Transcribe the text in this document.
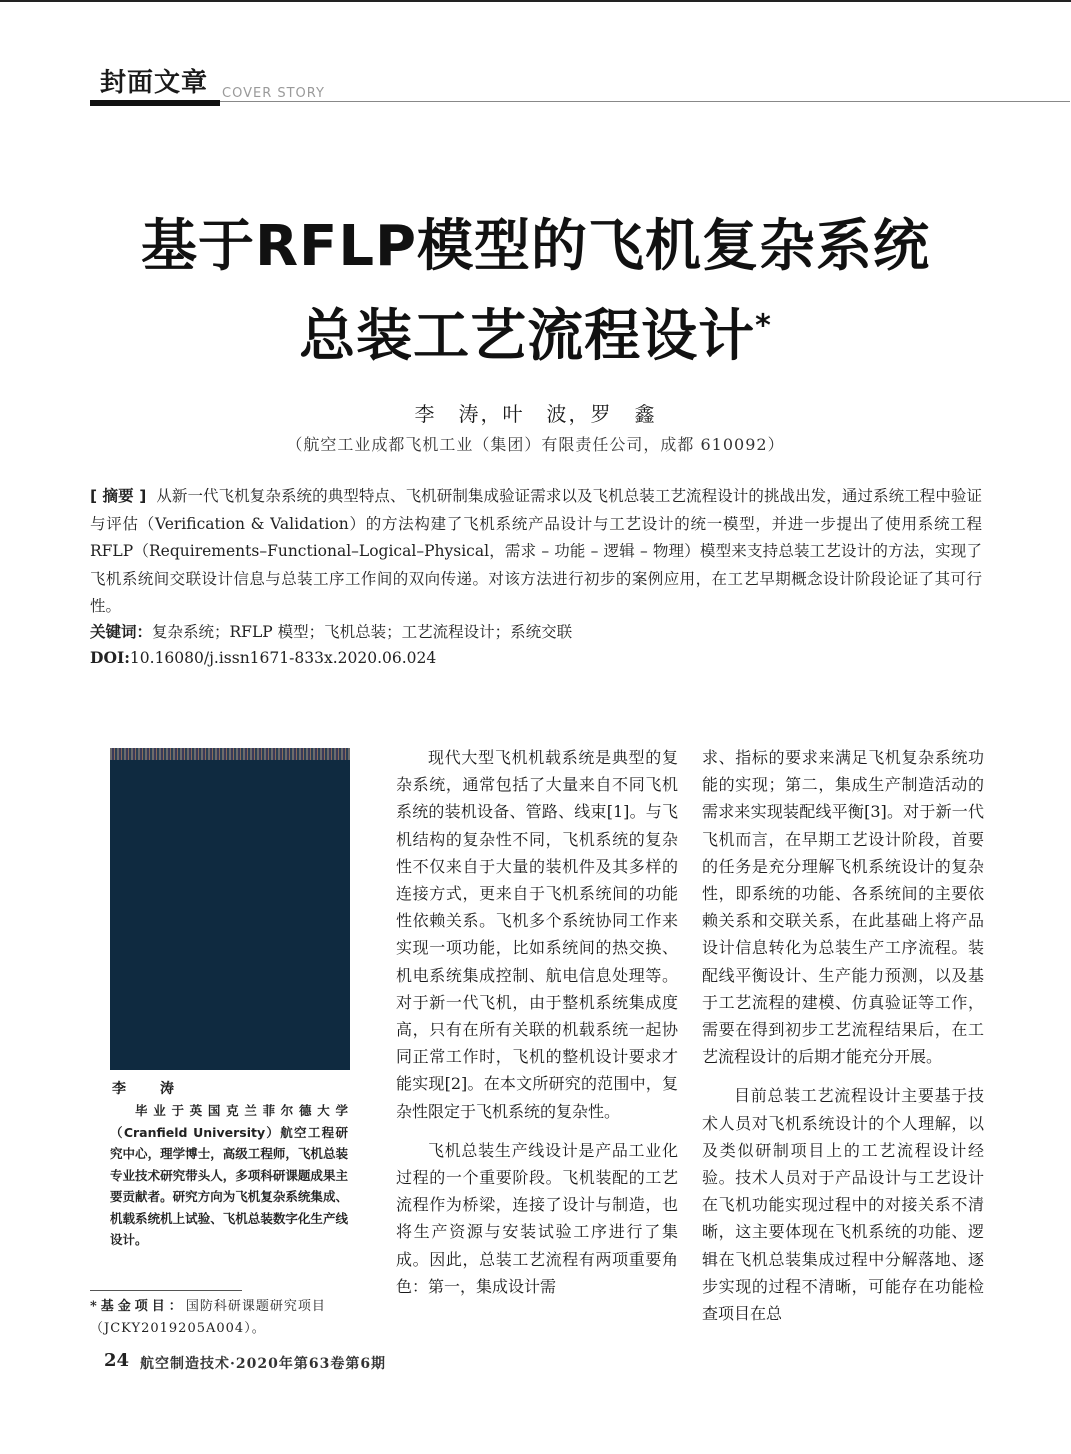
封面文章 COVER STORY
基于RFLP模型的飞机复杂系统
总装工艺流程设计*
李　涛，叶　波，罗　鑫
（航空工业成都飞机工业（集团）有限责任公司，成都 610092）
[ 摘要 ] 从新一代飞机复杂系统的典型特点、飞机研制集成验证需求以及飞机总装工艺流程设计的挑战出发，通过系统工程中验证与评估（Verification & Validation）的方法构建了飞机系统产品设计与工艺设计的统一模型，并进一步提出了使用系统工程RFLP（Requirements–Functional–Logical–Physical，需求 – 功能 – 逻辑 – 物理）模型来支持总装工艺设计的方法，实现了飞机系统间交联设计信息与总装工序工作间的双向传递。对该方法进行初步的案例应用，在工艺早期概念设计阶段论证了其可行性。
关键词：复杂系统；RFLP 模型；飞机总装；工艺流程设计；系统交联
DOI:10.16080/j.issn1671-833x.2020.06.024
李　涛
毕业于英国克兰菲尔德大学（Cranfield University）航空工程研究中心，理学博士，高级工程师，飞机总装专业技术研究带头人，多项科研课题成果主要贡献者。研究方向为飞机复杂系统集成、机载系统机上试验、飞机总装数字化生产线设计。
*基金项目：国防科研课题研究项目（JCKY2019205A004）。

现代大型飞机机载系统是典型的复杂系统，通常包括了大量来自不同飞机系统的装机设备、管路、线束[1]。与飞机结构的复杂性不同，飞机系统的复杂性不仅来自于大量的装机件及其多样的连接方式，更来自于飞机系统间的功能性依赖关系。飞机多个系统协同工作来实现一项功能，比如系统间的热交换、机电系统集成控制、航电信息处理等。对于新一代飞机，由于整机系统集成度高，只有在所有关联的机载系统一起协同正常工作时，飞机的整机设计要求才能实现[2]。在本文所研究的范围中，复杂性限定于飞机系统的复杂性。

飞机总装生产线设计是产品工业化过程的一个重要阶段。飞机装配的工艺流程作为桥梁，连接了设计与制造，也将生产资源与安装试验工序进行了集成。因此，总装工艺流程有两项重要角色：第一，集成设计需

求、指标的要求来满足飞机复杂系统功能的实现；第二，集成生产制造活动的需求来实现装配线平衡[3]。对于新一代飞机而言，在早期工艺设计阶段，首要的任务是充分理解飞机系统设计的复杂性，即系统的功能、各系统间的主要依赖关系和交联关系，在此基础上将产品设计信息转化为总装生产工序流程。装配线平衡设计、生产能力预测，以及基于工艺流程的建模、仿真验证等工作，需要在得到初步工艺流程结果后，在工艺流程设计的后期才能充分开展。

目前总装工艺流程设计主要基于技术人员对飞机系统设计的个人理解，以及类似研制项目上的工艺流程设计经验。技术人员对于产品设计与工艺设计在飞机功能实现过程中的对接关系不清晰，这主要体现在飞机系统的功能、逻辑在飞机总装集成过程中分解落地、逐步实现的过程不清晰，可能存在功能检查项目在总

24 航空制造技术·2020年第63卷第6期
